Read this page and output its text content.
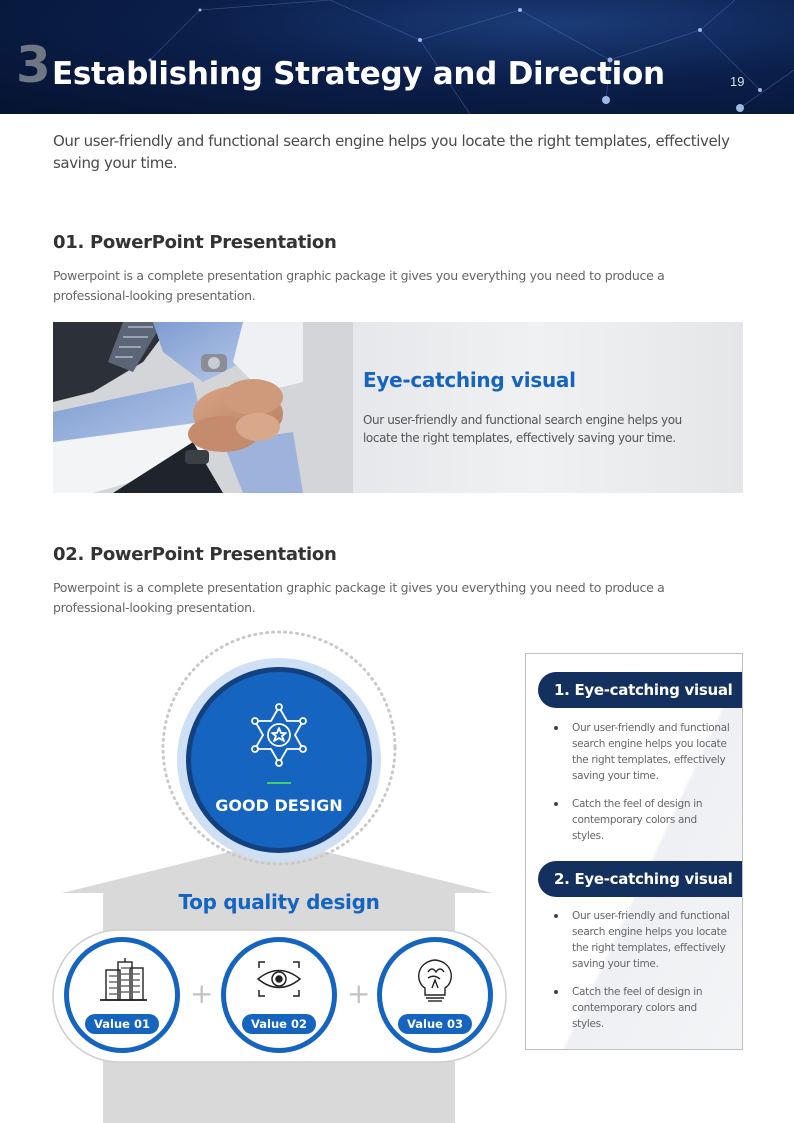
3 Establishing Strategy and Direction	19
Our user-friendly and functional search engine helps you locate the right templates, effectively saving your time.
01. PowerPoint Presentation
Powerpoint is a complete presentation graphic package it gives you everything you need to produce a professional-looking presentation.
Eye-catching visual
Our user-friendly and functional search engine helps you locate the right templates, effectively saving your time.
02. PowerPoint Presentation
Powerpoint is a complete presentation graphic package it gives you everything you need to produce a professional-looking presentation.
GOOD DESIGN
Top quality design
Value 01	Value 02	Value 03
+	+
1. Eye-catching visual
Our user-friendly and functional search engine helps you locate the right templates, effectively saving your time.
Catch the feel of design in contemporary colors and styles.
2. Eye-catching visual
Our user-friendly and functional search engine helps you locate the right templates, effectively saving your time.
Catch the feel of design in contemporary colors and styles.
